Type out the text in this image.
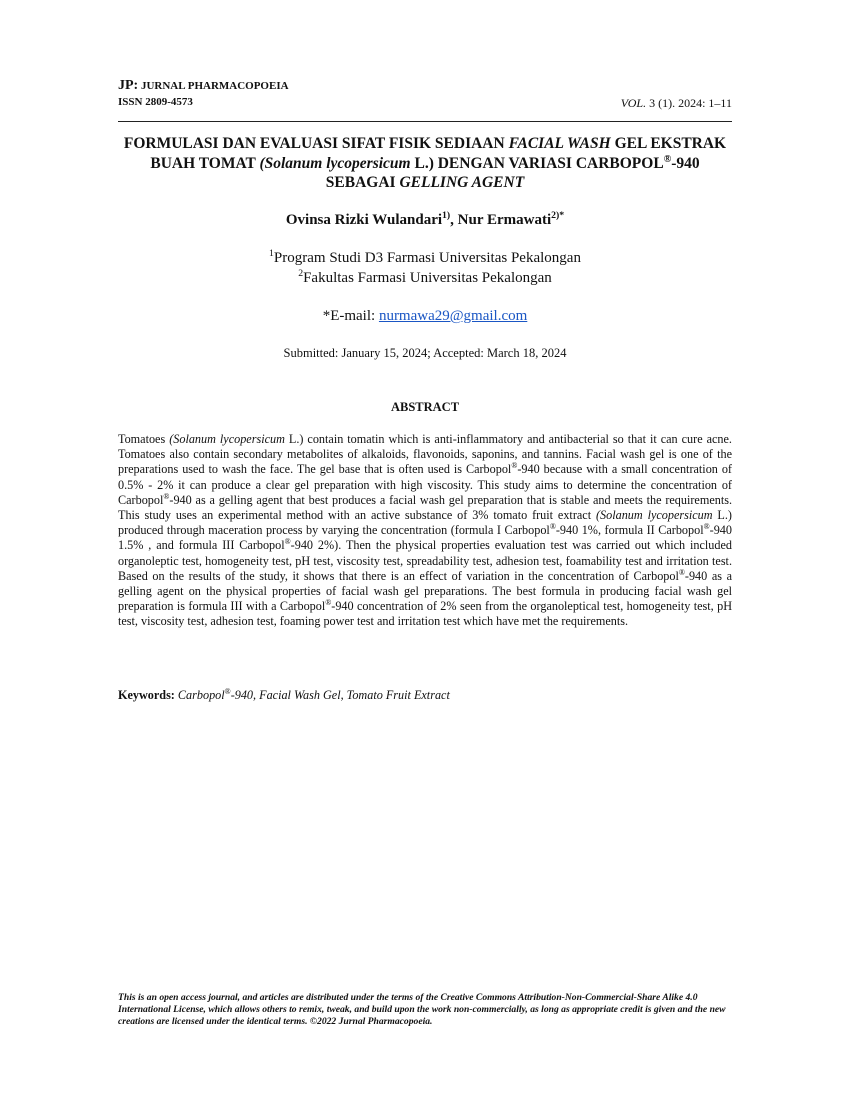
JP: JURNAL PHARMACOPOEIA
ISSN 2809-4573	VOL. 3 (1). 2024: 1–11
FORMULASI DAN EVALUASI SIFAT FISIK SEDIAAN FACIAL WASH GEL EKSTRAK BUAH TOMAT (Solanum lycopersicum L.) DENGAN VARIASI CARBOPOL®-940 SEBAGAI GELLING AGENT
Ovinsa Rizki Wulandari$^{1)}$, Nur Ermawati$^{2)*}$
$^1$Program Studi D3 Farmasi Universitas Pekalongan
$^2$Fakultas Farmasi Universitas Pekalongan
*E-mail: nurmawa29@gmail.com
Submitted: January 15, 2024; Accepted: March 18, 2024
ABSTRACT
Tomatoes (Solanum lycopersicum L.) contain tomatin which is anti-inflammatory and antibacterial so that it can cure acne. Tomatoes also contain secondary metabolites of alkaloids, flavonoids, saponins, and tannins. Facial wash gel is one of the preparations used to wash the face. The gel base that is often used is Carbopol®-940 because with a small concentration of 0.5% - 2% it can produce a clear gel preparation with high viscosity. This study aims to determine the concentration of Carbopol®-940 as a gelling agent that best produces a facial wash gel preparation that is stable and meets the requirements. This study uses an experimental method with an active substance of 3% tomato fruit extract (Solanum lycopersicum L.) produced through maceration process by varying the concentration (formula I Carbopol®-940 1%, formula II Carbopol®-940 1.5% , and formula III Carbopol®-940 2%). Then the physical properties evaluation test was carried out which included organoleptic test, homogeneity test, pH test, viscosity test, spreadability test, adhesion test, foamability test and irritation test. Based on the results of the study, it shows that there is an effect of variation in the concentration of Carbopol®-940 as a gelling agent on the physical properties of facial wash gel preparations. The best formula in producing facial wash gel preparation is formula III with a Carbopol®-940 concentration of 2% seen from the organoleptical test, homogeneity test, pH test, viscosity test, adhesion test, foaming power test and irritation test which have met the requirements.
Keywords: Carbopol®-940, Facial Wash Gel, Tomato Fruit Extract
This is an open access journal, and articles are distributed under the terms of the Creative Commons Attribution-Non-Commercial-Share Alike 4.0 International License, which allows others to remix, tweak, and build upon the work non-commercially, as long as appropriate credit is given and the new creations are licensed under the identical terms. ©2022 Jurnal Pharmacopoeia.
